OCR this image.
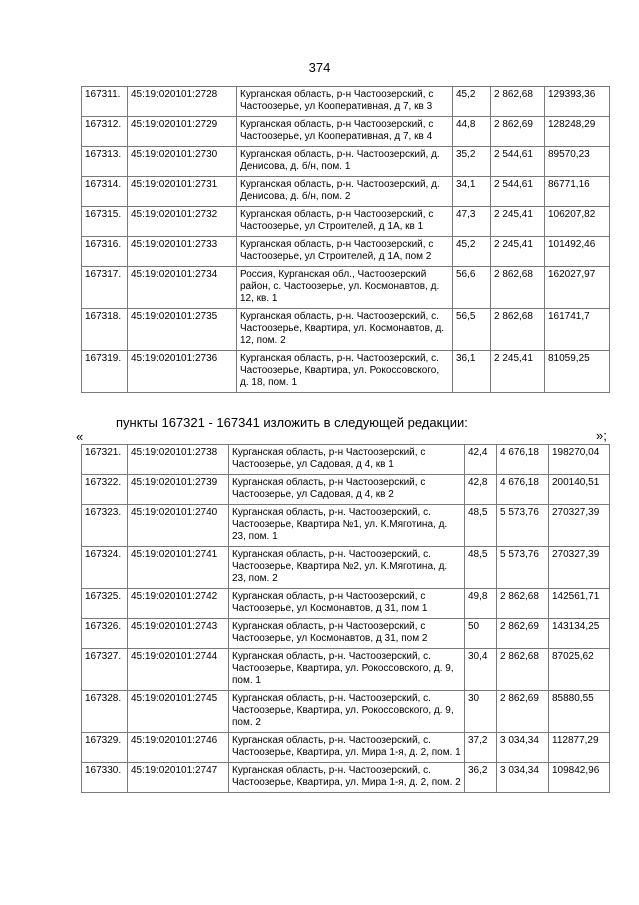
374
167311.	45:19:020101:2728	Курганская область, р-н Частоозерский, с Частоозерье, ул Кооперативная, д 7, кв 3	45,2	2 862,68	129393,36
167312.	45:19:020101:2729	Курганская область, р-н Частоозерский, с Частоозерье, ул Кооперативная, д 7, кв 4	44,8	2 862,69	128248,29
167313.	45:19:020101:2730	Курганская область, р-н. Частоозерский, д. Денисова, д. б/н, пом. 1	35,2	2 544,61	89570,23
167314.	45:19:020101:2731	Курганская область, р-н. Частоозерский, д. Денисова, д. б/н, пом. 2	34,1	2 544,61	86771,16
167315.	45:19:020101:2732	Курганская область, р-н Частоозерский, с Частоозерье, ул Строителей, д 1А, кв 1	47,3	2 245,41	106207,82
167316.	45:19:020101:2733	Курганская область, р-н Частоозерский, с Частоозерье, ул Строителей, д 1А, пом 2	45,2	2 245,41	101492,46
167317.	45:19:020101:2734	Россия, Курганская обл., Частоозерский район, с. Частоозерье, ул. Космонавтов, д. 12, кв. 1	56,6	2 862,68	162027,97
167318.	45:19:020101:2735	Курганская область, р-н. Частоозерский, с. Частоозерье, Квартира, ул. Космонавтов, д. 12, пом. 2	56,5	2 862,68	161741,7
167319.	45:19:020101:2736	Курганская область, р-н. Частоозерский, с. Частоозерье, Квартира, ул. Рокоссовского, д. 18, пом. 1	36,1	2 245,41	81059,25
»;
пункты 167321 - 167341 изложить в следующей редакции:
«
167321.	45:19:020101:2738	Курганская область, р-н Частоозерский, с Частоозерье, ул Садовая, д 4, кв 1	42,4	4 676,18	198270,04
167322.	45:19:020101:2739	Курганская область, р-н Частоозерский, с Частоозерье, ул Садовая, д 4, кв 2	42,8	4 676,18	200140,51
167323.	45:19:020101:2740	Курганская область, р-н. Частоозерский, с. Частоозерье, Квартира №1, ул. К.Мяготина, д. 23, пом. 1	48,5	5 573,76	270327,39
167324.	45:19:020101:2741	Курганская область, р-н. Частоозерский, с. Частоозерье, Квартира №2, ул. К.Мяготина, д. 23, пом. 2	48,5	5 573,76	270327,39
167325.	45:19:020101:2742	Курганская область, р-н Частоозерский, с Частоозерье, ул Космонавтов, д 31, пом 1	49,8	2 862,68	142561,71
167326.	45:19:020101:2743	Курганская область, р-н Частоозерский, с Частоозерье, ул Космонавтов, д 31, пом 2	50	2 862,69	143134,25
167327.	45:19:020101:2744	Курганская область, р-н. Частоозерский, с. Частоозерье, Квартира, ул. Рокоссовского, д. 9, пом. 1	30,4	2 862,68	87025,62
167328.	45:19:020101:2745	Курганская область, р-н. Частоозерский, с. Частоозерье, Квартира, ул. Рокоссовского, д. 9, пом. 2	30	2 862,69	85880,55
167329.	45:19:020101:2746	Курганская область, р-н. Частоозерский, с. Частоозерье, Квартира, ул. Мира 1-я, д. 2, пом. 1	37,2	3 034,34	112877,29
167330.	45:19:020101:2747	Курганская область, р-н. Частоозерский, с. Частоозерье, Квартира, ул. Мира 1-я, д. 2, пом. 2	36,2	3 034,34	109842,96
